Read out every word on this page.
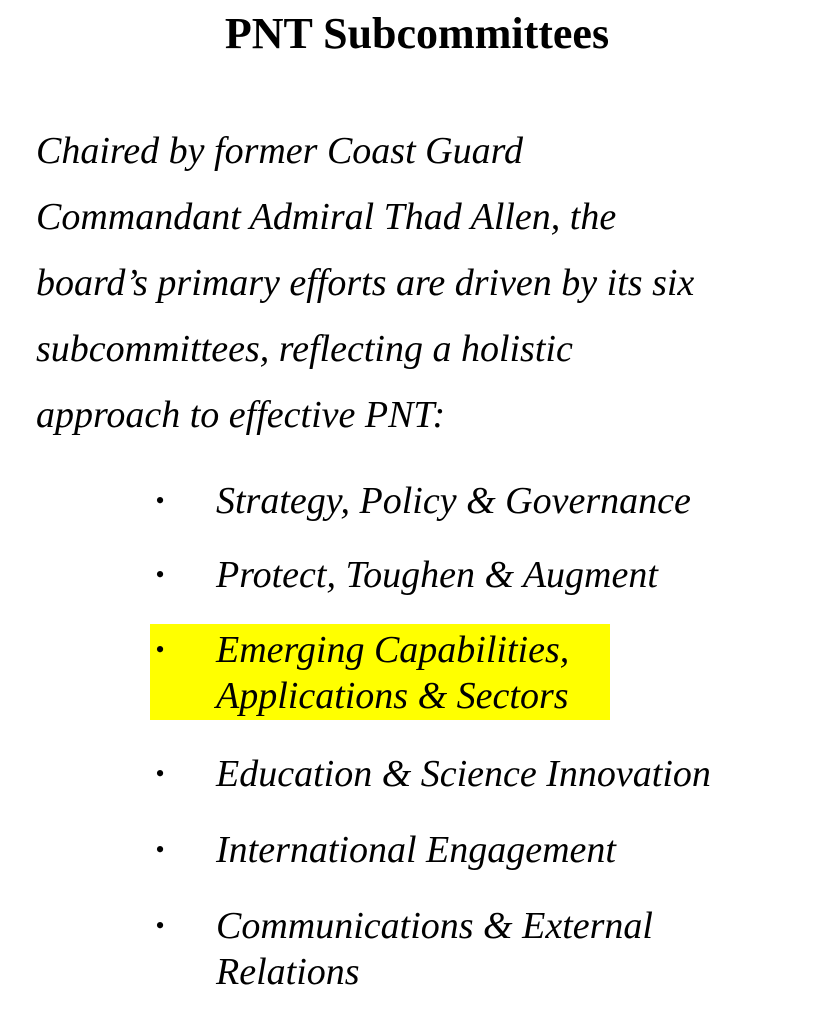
PNT Subcommittees
Chaired by former Coast Guard
Commandant Admiral Thad Allen, the
board’s primary efforts are driven by its six
subcommittees, reflecting a holistic
approach to effective PNT:
• Strategy, Policy & Governance
• Protect, Toughen & Augment
• Emerging Capabilities,
Applications & Sectors
• Education & Science Innovation
• International Engagement
• Communications & External
Relations
